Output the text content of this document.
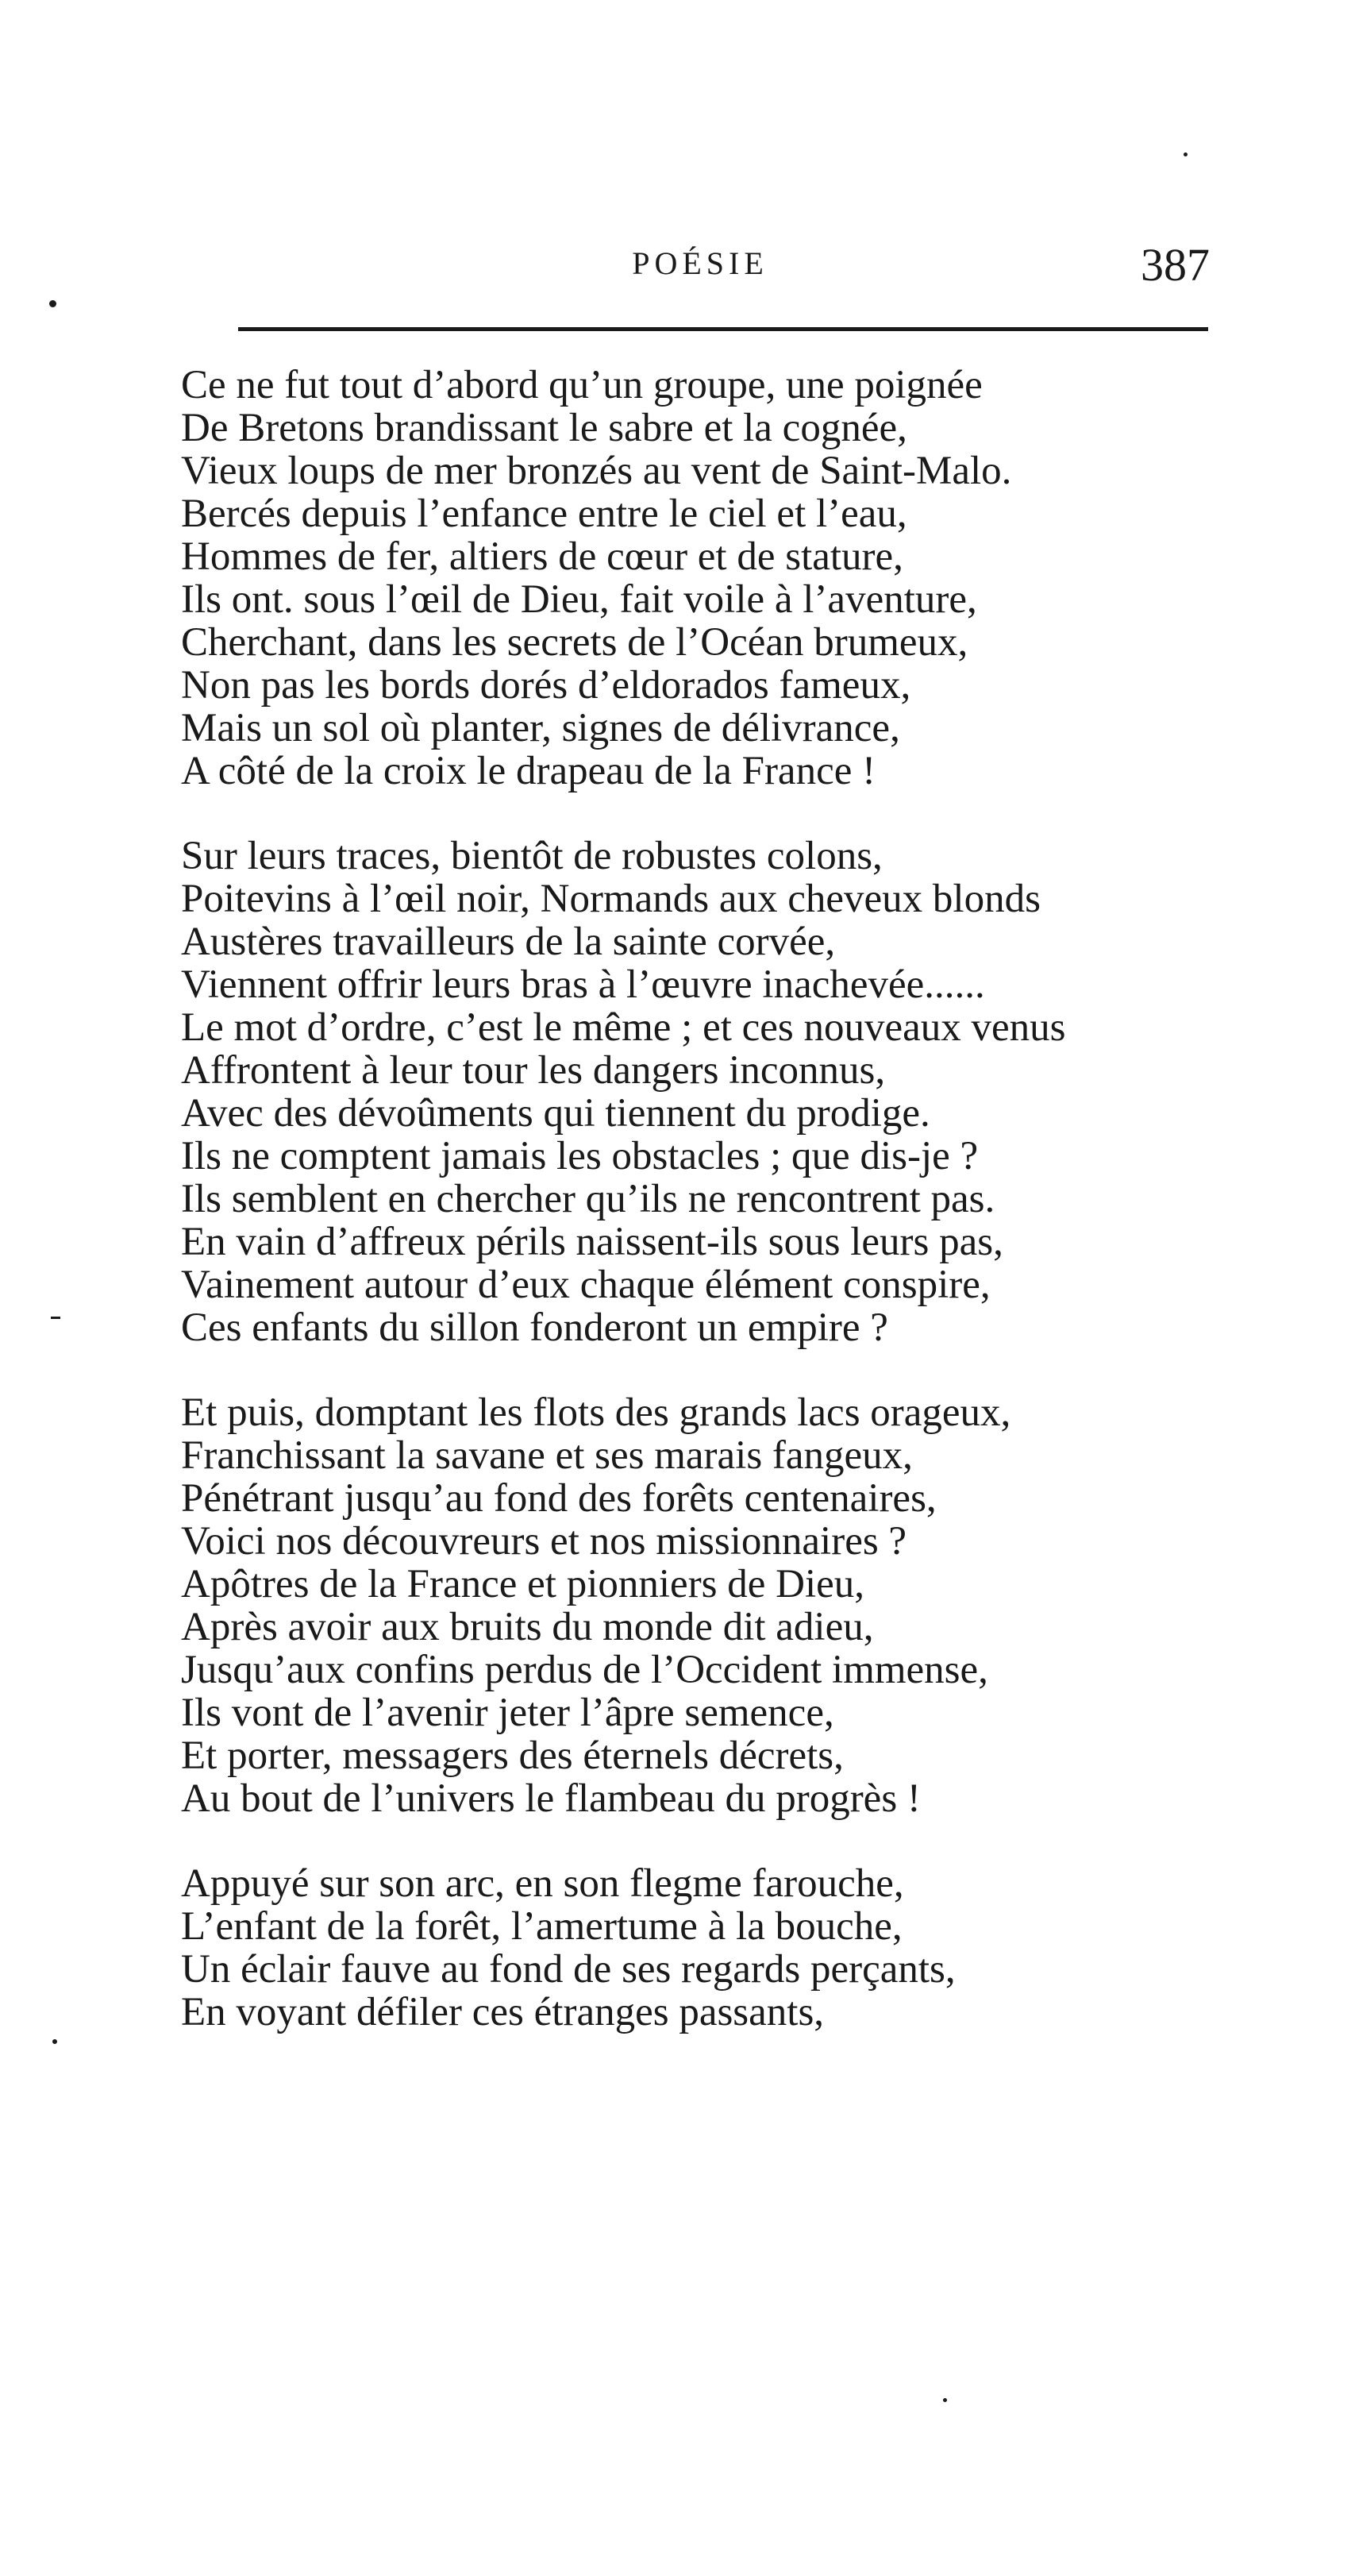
POÉSIE	387
Ce ne fut tout d’abord qu’un groupe, une poignée
De Bretons brandissant le sabre et la cognée,
Vieux loups de mer bronzés au vent de Saint-Malo.
Bercés depuis l’enfance entre le ciel et l’eau,
Hommes de fer, altiers de cœur et de stature,
Ils ont. sous l’œil de Dieu, fait voile à l’aventure,
Cherchant, dans les secrets de l’Océan brumeux,
Non pas les bords dorés d’eldorados fameux,
Mais un sol où planter, signes de délivrance,
A côté de la croix le drapeau de la France !
Sur leurs traces, bientôt de robustes colons,
Poitevins à l’œil noir, Normands aux cheveux blonds
Austères travailleurs de la sainte corvée,
Viennent offrir leurs bras à l’œuvre inachevée......
Le mot d’ordre, c’est le même ; et ces nouveaux venus
Affrontent à leur tour les dangers inconnus,
Avec des dévoûments qui tiennent du prodige.
Ils ne comptent jamais les obstacles ; que dis-je ?
Ils semblent en chercher qu’ils ne rencontrent pas.
En vain d’affreux périls naissent-ils sous leurs pas,
Vainement autour d’eux chaque élément conspire,
Ces enfants du sillon fonderont un empire ?
Et puis, domptant les flots des grands lacs orageux,
Franchissant la savane et ses marais fangeux,
Pénétrant jusqu’au fond des forêts centenaires,
Voici nos découvreurs et nos missionnaires ?
Apôtres de la France et pionniers de Dieu,
Après avoir aux bruits du monde dit adieu,
Jusqu’aux confins perdus de l’Occident immense,
Ils vont de l’avenir jeter l’âpre semence,
Et porter, messagers des éternels décrets,
Au bout de l’univers le flambeau du progrès !
Appuyé sur son arc, en son flegme farouche,
L’enfant de la forêt, l’amertume à la bouche,
Un éclair fauve au fond de ses regards perçants,
En voyant défiler ces étranges passants,
